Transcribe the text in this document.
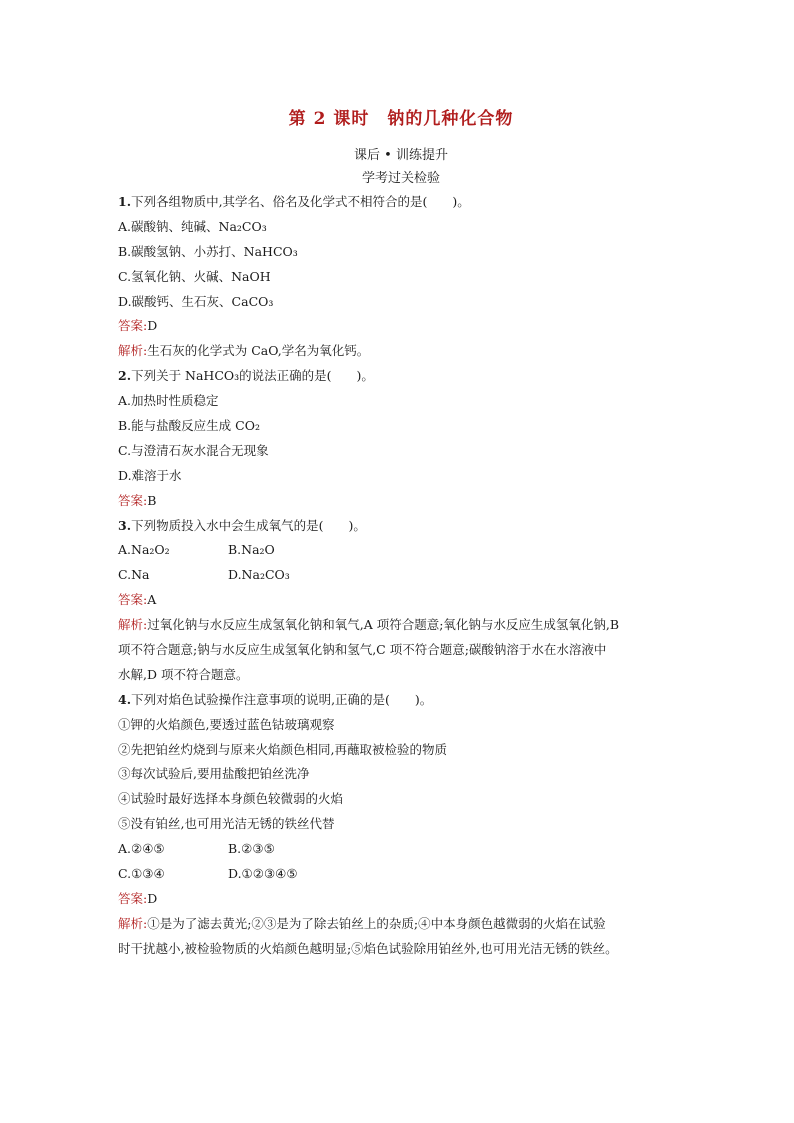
第 2 课时　钠的几种化合物
课后 • 训练提升
学考过关检验
1.下列各组物质中,其学名、俗名及化学式不相符合的是(　　)。
A.碳酸钠、纯碱、Na₂CO₃
B.碳酸氢钠、小苏打、NaHCO₃
C.氢氧化钠、火碱、NaOH
D.碳酸钙、生石灰、CaCO₃
答案:D
解析:生石灰的化学式为 CaO,学名为氧化钙。
2.下列关于 NaHCO₃的说法正确的是(　　)。
A.加热时性质稳定
B.能与盐酸反应生成 CO₂
C.与澄清石灰水混合无现象
D.难溶于水
答案:B
3.下列物质投入水中会生成氧气的是(　　)。
A.Na₂O₂	B.Na₂O
C.Na	D.Na₂CO₃
答案:A
解析:过氧化钠与水反应生成氢氧化钠和氧气,A 项符合题意;氧化钠与水反应生成氢氧化钠,B
项不符合题意;钠与水反应生成氢氧化钠和氢气,C 项不符合题意;碳酸钠溶于水在水溶液中
水解,D 项不符合题意。
4.下列对焰色试验操作注意事项的说明,正确的是(　　)。
①钾的火焰颜色,要透过蓝色钴玻璃观察
②先把铂丝灼烧到与原来火焰颜色相同,再蘸取被检验的物质
③每次试验后,要用盐酸把铂丝洗净
④试验时最好选择本身颜色较微弱的火焰
⑤没有铂丝,也可用光洁无锈的铁丝代替
A.②④⑤	B.②③⑤
C.①③④	D.①②③④⑤
答案:D
解析:①是为了滤去黄光;②③是为了除去铂丝上的杂质;④中本身颜色越微弱的火焰在试验
时干扰越小,被检验物质的火焰颜色越明显;⑤焰色试验除用铂丝外,也可用光洁无锈的铁丝。
